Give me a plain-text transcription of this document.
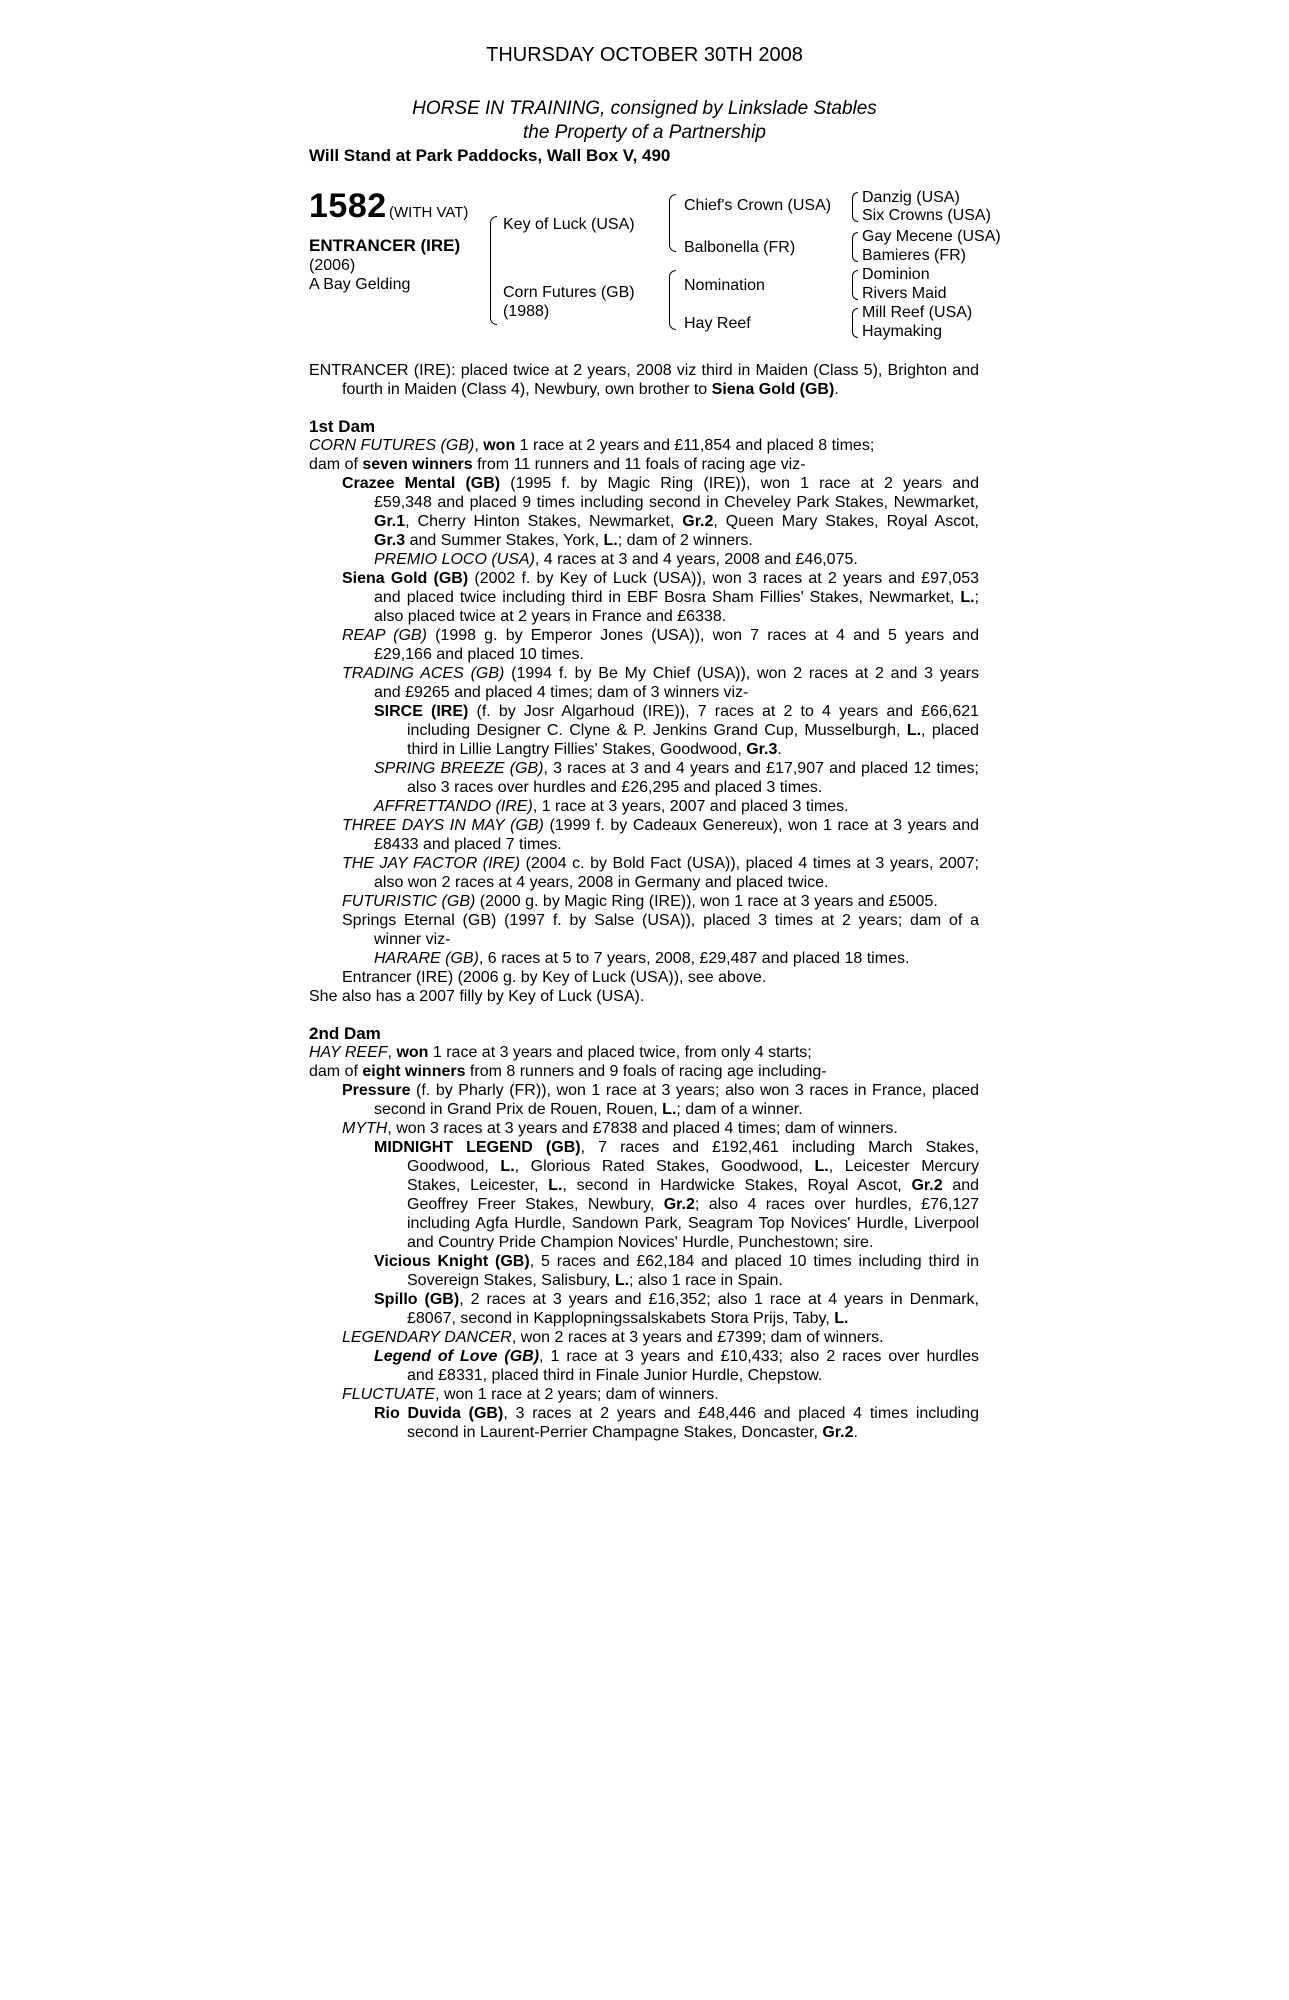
THURSDAY OCTOBER 30TH 2008
HORSE IN TRAINING, consigned by Linkslade Stables
the Property of a Partnership
Will Stand at Park Paddocks, Wall Box V, 490
1582 (WITH VAT)
ENTRANCER (IRE)
(2006)
A Bay Gelding
Key of Luck (USA)
Corn Futures (GB)
(1988)
Chief's Crown (USA)
Balbonella (FR)
Nomination
Hay Reef
Danzig (USA)
Six Crowns (USA)
Gay Mecene (USA)
Bamieres (FR)
Dominion
Rivers Maid
Mill Reef (USA)
Haymaking
ENTRANCER (IRE): placed twice at 2 years, 2008 viz third in Maiden (Class 5), Brighton and
fourth in Maiden (Class 4), Newbury, own brother to Siena Gold (GB).
1st Dam
CORN FUTURES (GB), won 1 race at 2 years and £11,854 and placed 8 times;
dam of seven winners from 11 runners and 11 foals of racing age viz-
Crazee Mental (GB) (1995 f. by Magic Ring (IRE)), won 1 race at 2 years and
£59,348 and placed 9 times including second in Cheveley Park Stakes, Newmarket,
Gr.1, Cherry Hinton Stakes, Newmarket, Gr.2, Queen Mary Stakes, Royal Ascot,
Gr.3 and Summer Stakes, York, L.; dam of 2 winners.
PREMIO LOCO (USA), 4 races at 3 and 4 years, 2008 and £46,075.
Siena Gold (GB) (2002 f. by Key of Luck (USA)), won 3 races at 2 years and £97,053
and placed twice including third in EBF Bosra Sham Fillies' Stakes, Newmarket, L.;
also placed twice at 2 years in France and £6338.
REAP (GB) (1998 g. by Emperor Jones (USA)), won 7 races at 4 and 5 years and
£29,166 and placed 10 times.
TRADING ACES (GB) (1994 f. by Be My Chief (USA)), won 2 races at 2 and 3 years
and £9265 and placed 4 times; dam of 3 winners viz-
SIRCE (IRE) (f. by Josr Algarhoud (IRE)), 7 races at 2 to 4 years and £66,621
including Designer C. Clyne & P. Jenkins Grand Cup, Musselburgh, L., placed
third in Lillie Langtry Fillies' Stakes, Goodwood, Gr.3.
SPRING BREEZE (GB), 3 races at 3 and 4 years and £17,907 and placed 12 times;
also 3 races over hurdles and £26,295 and placed 3 times.
AFFRETTANDO (IRE), 1 race at 3 years, 2007 and placed 3 times.
THREE DAYS IN MAY (GB) (1999 f. by Cadeaux Genereux), won 1 race at 3 years and
£8433 and placed 7 times.
THE JAY FACTOR (IRE) (2004 c. by Bold Fact (USA)), placed 4 times at 3 years, 2007;
also won 2 races at 4 years, 2008 in Germany and placed twice.
FUTURISTIC (GB) (2000 g. by Magic Ring (IRE)), won 1 race at 3 years and £5005.
Springs Eternal (GB) (1997 f. by Salse (USA)), placed 3 times at 2 years; dam of a
winner viz-
HARARE (GB), 6 races at 5 to 7 years, 2008, £29,487 and placed 18 times.
Entrancer (IRE) (2006 g. by Key of Luck (USA)), see above.
She also has a 2007 filly by Key of Luck (USA).
2nd Dam
HAY REEF, won 1 race at 3 years and placed twice, from only 4 starts;
dam of eight winners from 8 runners and 9 foals of racing age including-
Pressure (f. by Pharly (FR)), won 1 race at 3 years; also won 3 races in France, placed
second in Grand Prix de Rouen, Rouen, L.; dam of a winner.
MYTH, won 3 races at 3 years and £7838 and placed 4 times; dam of winners.
MIDNIGHT LEGEND (GB), 7 races and £192,461 including March Stakes,
Goodwood, L., Glorious Rated Stakes, Goodwood, L., Leicester Mercury
Stakes, Leicester, L., second in Hardwicke Stakes, Royal Ascot, Gr.2 and
Geoffrey Freer Stakes, Newbury, Gr.2; also 4 races over hurdles, £76,127
including Agfa Hurdle, Sandown Park, Seagram Top Novices' Hurdle, Liverpool
and Country Pride Champion Novices' Hurdle, Punchestown; sire.
Vicious Knight (GB), 5 races and £62,184 and placed 10 times including third in
Sovereign Stakes, Salisbury, L.; also 1 race in Spain.
Spillo (GB), 2 races at 3 years and £16,352; also 1 race at 4 years in Denmark,
£8067, second in Kapplopningssalskabets Stora Prijs, Taby, L.
LEGENDARY DANCER, won 2 races at 3 years and £7399; dam of winners.
Legend of Love (GB), 1 race at 3 years and £10,433; also 2 races over hurdles
and £8331, placed third in Finale Junior Hurdle, Chepstow.
FLUCTUATE, won 1 race at 2 years; dam of winners.
Rio Duvida (GB), 3 races at 2 years and £48,446 and placed 4 times including
second in Laurent-Perrier Champagne Stakes, Doncaster, Gr.2.
